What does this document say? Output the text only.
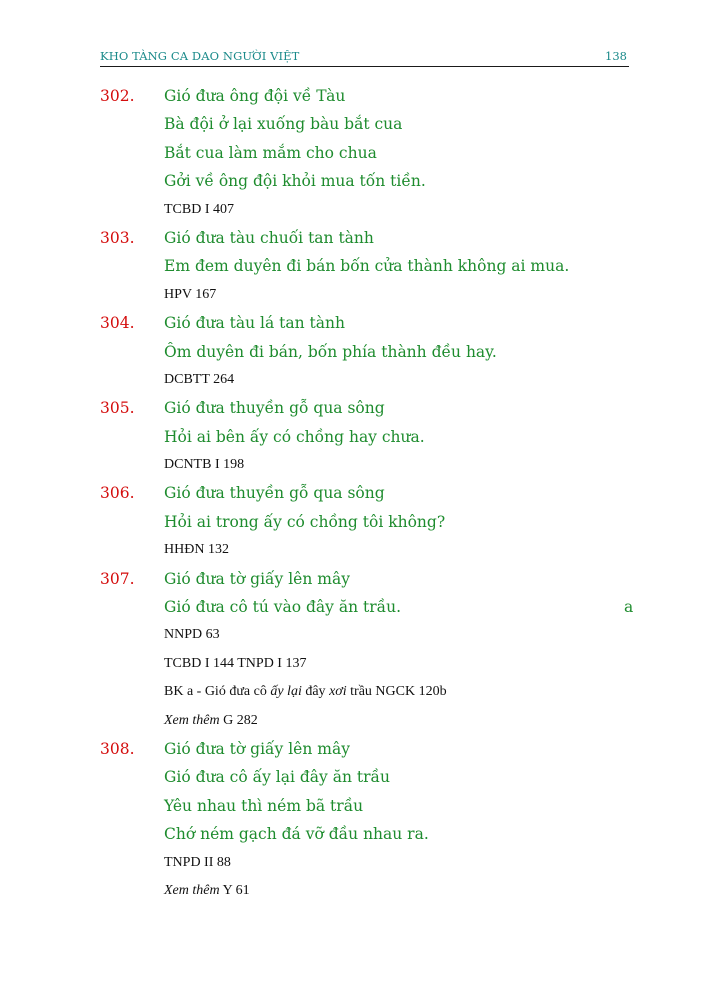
KHO TÀNG CA DAO NGƯỜI VIỆT	138
302. Gió đưa ông đội về Tàu
Bà đội ở lại xuống bàu bắt cua
Bắt cua làm mắm cho chua
Gởi về ông đội khỏi mua tốn tiền.
TCBD I 407
303. Gió đưa tàu chuối tan tành
Em đem duyên đi bán bốn cửa thành không ai mua.
HPV 167
304. Gió đưa tàu lá tan tành
Ôm duyên đi bán, bốn phía thành đều hay.
DCBTT 264
305. Gió đưa thuyền gỗ qua sông
Hỏi ai bên ấy có chồng hay chưa.
DCNTB I 198
306. Gió đưa thuyền gỗ qua sông
Hỏi ai trong ấy có chồng tôi không?
HHĐN 132
307. Gió đưa tờ giấy lên mây
Gió đưa cô tú vào đây ăn trầu.	a
NNPD 63
TCBD I 144 TNPD I 137
BK a - Gió đưa cô ấy lại đây xơi trầu NGCK 120b
Xem thêm G 282
308. Gió đưa tờ giấy lên mây
Gió đưa cô ấy lại đây ăn trầu
Yêu nhau thì ném bã trầu
Chớ ném gạch đá vỡ đầu nhau ra.
TNPD II 88
Xem thêm Y 61
